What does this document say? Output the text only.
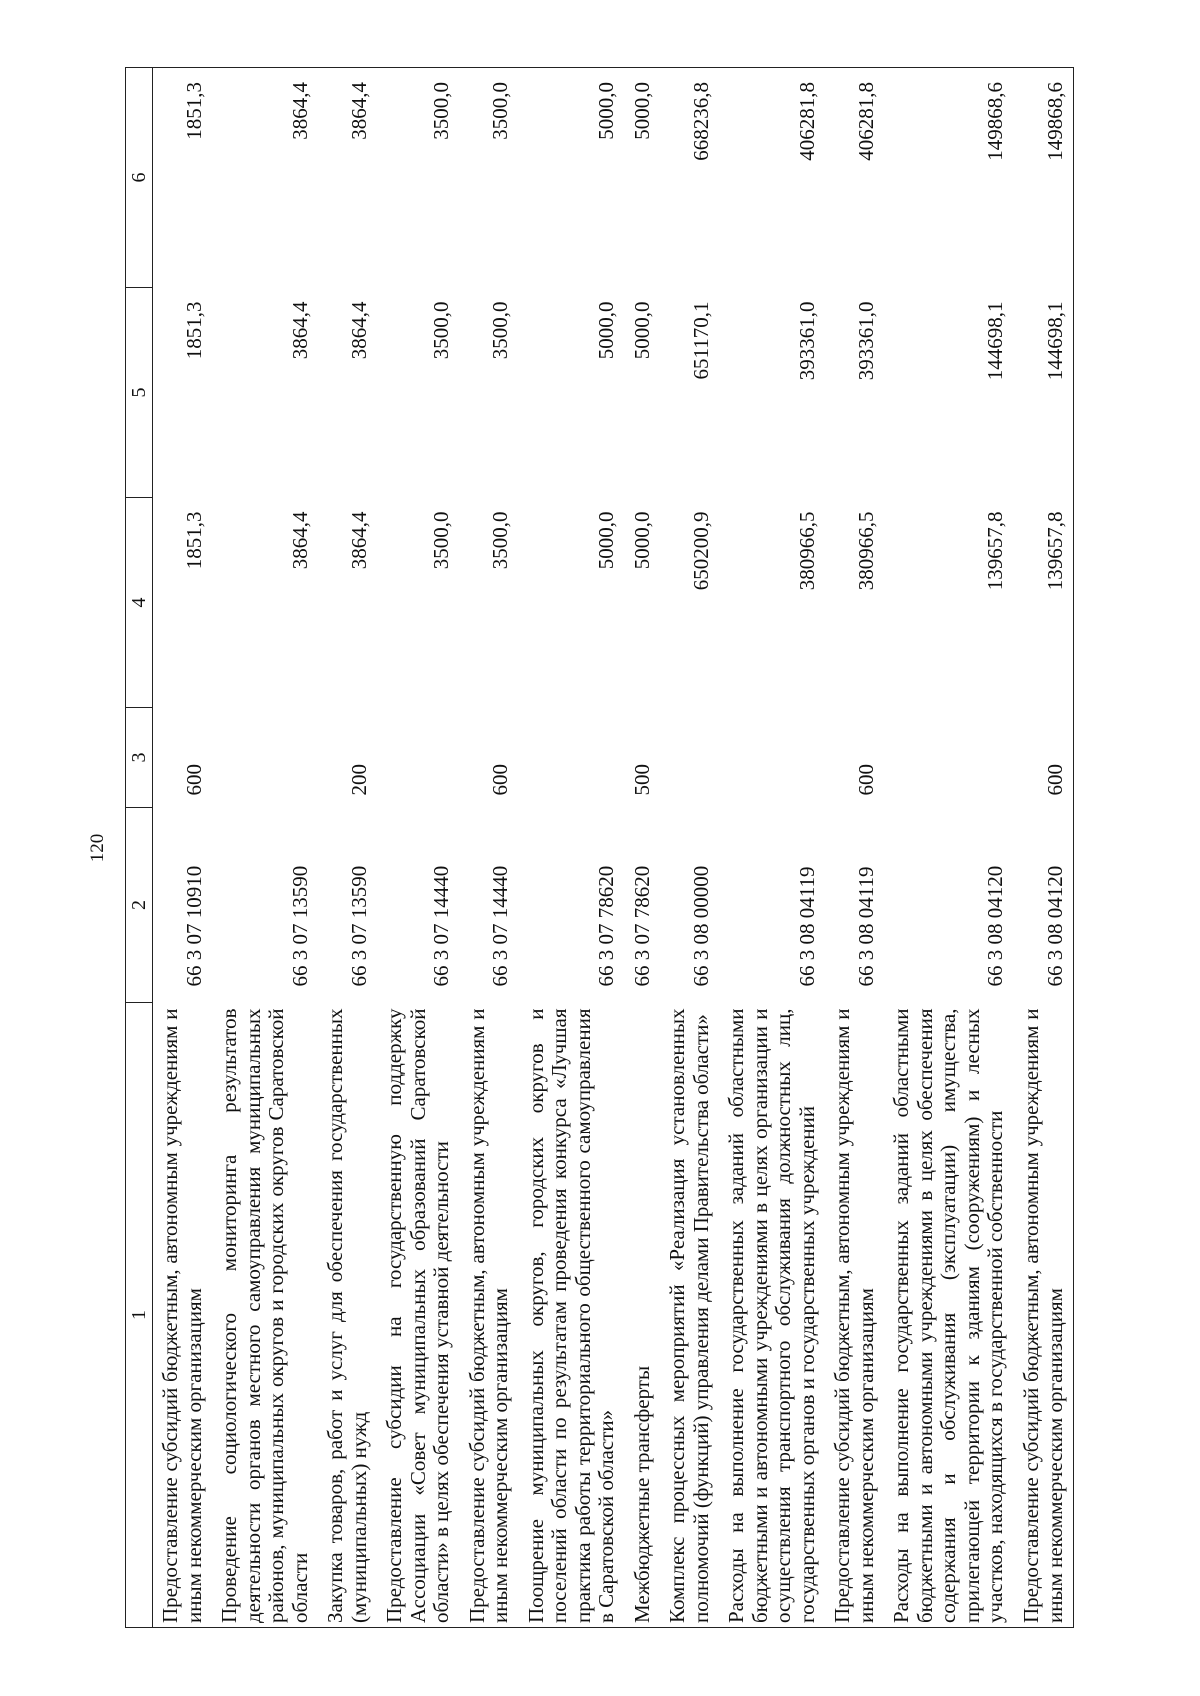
120
1	2	3	4	5	6
Предоставление субсидий бюджетным, автономным учреждениям и иным некоммерческим организациям	66 3 07 10910	600	1851,3	1851,3	1851,3
Проведение социологического мониторинга результатов деятельности органов местного самоуправления муниципальных районов, муниципальных округов и городских округов Саратовской области	66 3 07 13590		3864,4	3864,4	3864,4
Закупка товаров, работ и услуг для обеспечения государственных (муниципальных) нужд	66 3 07 13590	200	3864,4	3864,4	3864,4
Предоставление субсидии на государственную поддержку Ассоциации «Совет муниципальных образований Саратовской области» в целях обеспечения уставной деятельности	66 3 07 14440		3500,0	3500,0	3500,0
Предоставление субсидий бюджетным, автономным учреждениям и иным некоммерческим организациям	66 3 07 14440	600	3500,0	3500,0	3500,0
Поощрение муниципальных округов, городских округов и поселений области по результатам проведения конкурса «Лучшая практика работы территориального общественного самоуправления в Саратовской области»	66 3 07 78620		5000,0	5000,0	5000,0
Межбюджетные трансферты	66 3 07 78620	500	5000,0	5000,0	5000,0
Комплекс процессных мероприятий «Реализация установленных полномочий (функций) управления делами Правительства области»	66 3 08 00000		650200,9	651170,1	668236,8
Расходы на выполнение государственных заданий областными бюджетными и автономными учреждениями в целях организации и осуществления транспортного обслуживания должностных лиц, государственных органов и государственных учреждений	66 3 08 04119		380966,5	393361,0	406281,8
Предоставление субсидий бюджетным, автономным учреждениям и иным некоммерческим организациям	66 3 08 04119	600	380966,5	393361,0	406281,8
Расходы на выполнение государственных заданий областными бюджетными и автономными учреждениями в целях обеспечения содержания и обслуживания (эксплуатации) имущества, прилегающей территории к зданиям (сооружениям) и лесных участков, находящихся в государственной собственности	66 3 08 04120		139657,8	144698,1	149868,6
Предоставление субсидий бюджетным, автономным учреждениям и иным некоммерческим организациям	66 3 08 04120	600	139657,8	144698,1	149868,6
